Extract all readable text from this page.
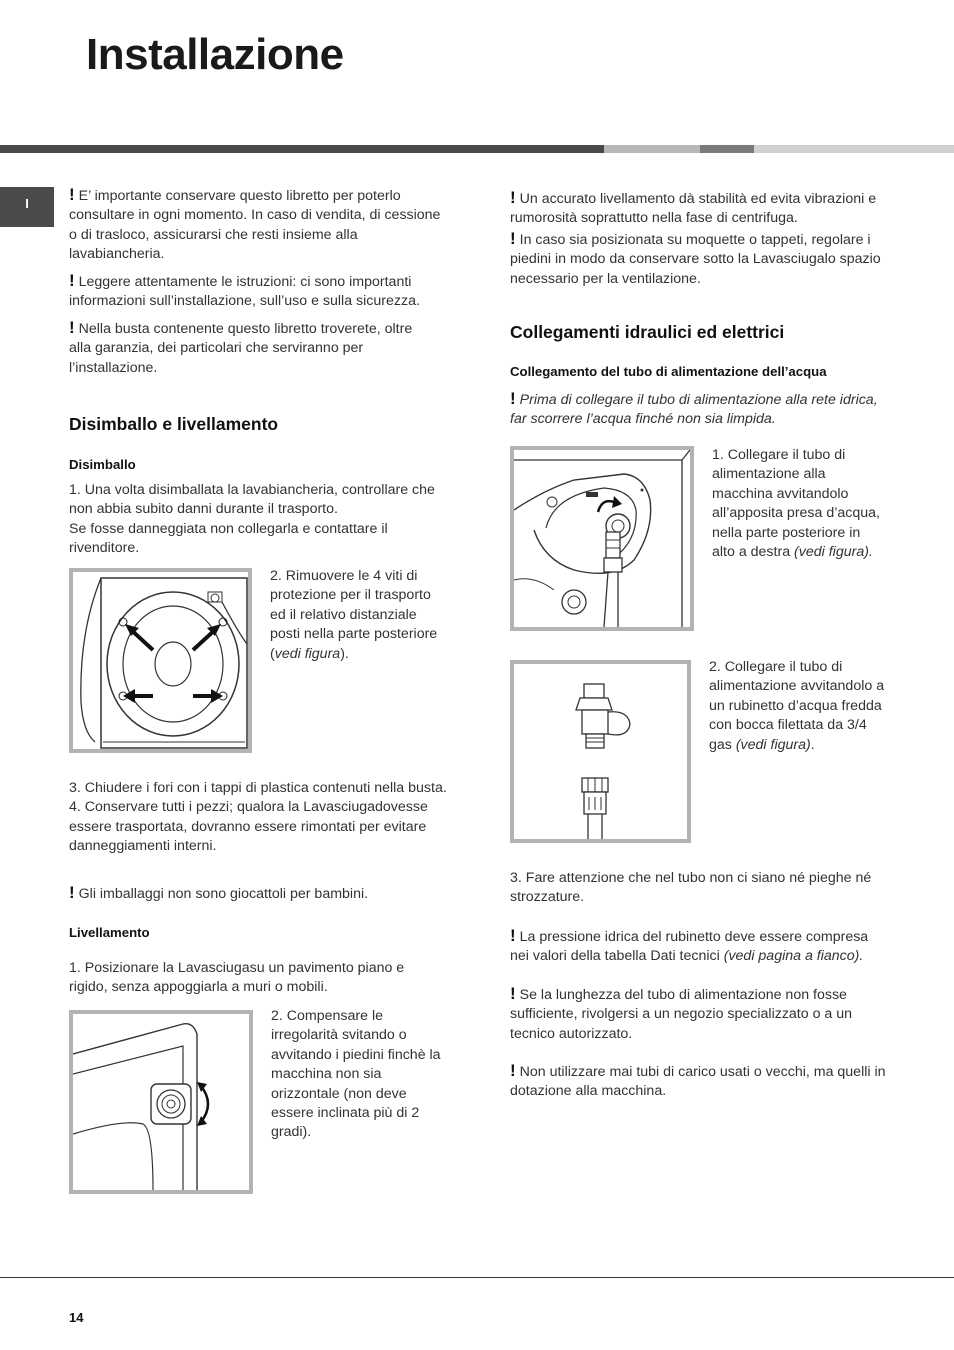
Installazione
I	! E’ importante conservare questo libretto per poterlo consultare in ogni momento. In caso di vendita, di cessione o di trasloco, assicurarsi che resti insieme alla lavabiancheria.

! Leggere attentamente le istruzioni: ci sono importanti informazioni sull’installazione, sull’uso e sulla sicurezza.

! Nella busta contenente questo libretto troverete, oltre alla garanzia, dei particolari che serviranno per l’installazione.

Disimballo e livellamento
Disimballo

1. Una volta disimballata la lavabiancheria, controllare che non abbia subito danni durante il trasporto.
Se fosse danneggiata non collegarla e contattare il rivenditore.

2. Rimuovere le 4 viti di protezione per il trasporto ed il relativo distanziale posti nella parte posteriore (vedi figura).

3. Chiudere i fori con i tappi di plastica contenuti nella busta.
4. Conservare tutti i pezzi; qualora la Lavasciugadovesse essere trasportata, dovranno essere rimontati per evitare danneggiamenti interni.

! Gli imballaggi non sono giocattoli per bambini.

Livellamento

1. Posizionare la Lavasciugasu un pavimento piano e rigido, senza appoggiarla a muri o mobili.

2. Compensare le irregolarità svitando o avvitando i piedini finchè la macchina non sia orizzontale (non deve essere inclinata più di 2 gradi).

! Un accurato livellamento dà stabilità ed evita vibrazioni e rumorosità soprattutto nella fase di centrifuga.
! In caso sia posizionata su moquette o tappeti, regolare i piedini in modo da conservare sotto la Lavasciugalo spazio necessario per la ventilazione.

Collegamenti idraulici ed elettrici
Collegamento del tubo di alimentazione dell’acqua

! Prima di collegare il tubo di alimentazione alla rete idrica, far scorrere l’acqua finché non sia limpida.

1. Collegare il tubo di alimentazione alla macchina avvitandolo all’apposita presa d’acqua, nella parte posteriore in alto a destra (vedi figura).

2. Collegare il tubo di alimentazione avvitandolo a un rubinetto d’acqua fredda con bocca filettata da 3/4 gas (vedi figura).

3. Fare attenzione che nel tubo non ci siano né pieghe né strozzature.

! La pressione idrica del rubinetto deve essere compresa nei valori della tabella Dati tecnici (vedi pagina a fianco).

! Se la lunghezza del tubo di alimentazione non fosse sufficiente, rivolgersi a un negozio specializzato o a un tecnico autorizzato.

! Non utilizzare mai tubi di carico usati o vecchi, ma quelli in dotazione alla macchina.

14
